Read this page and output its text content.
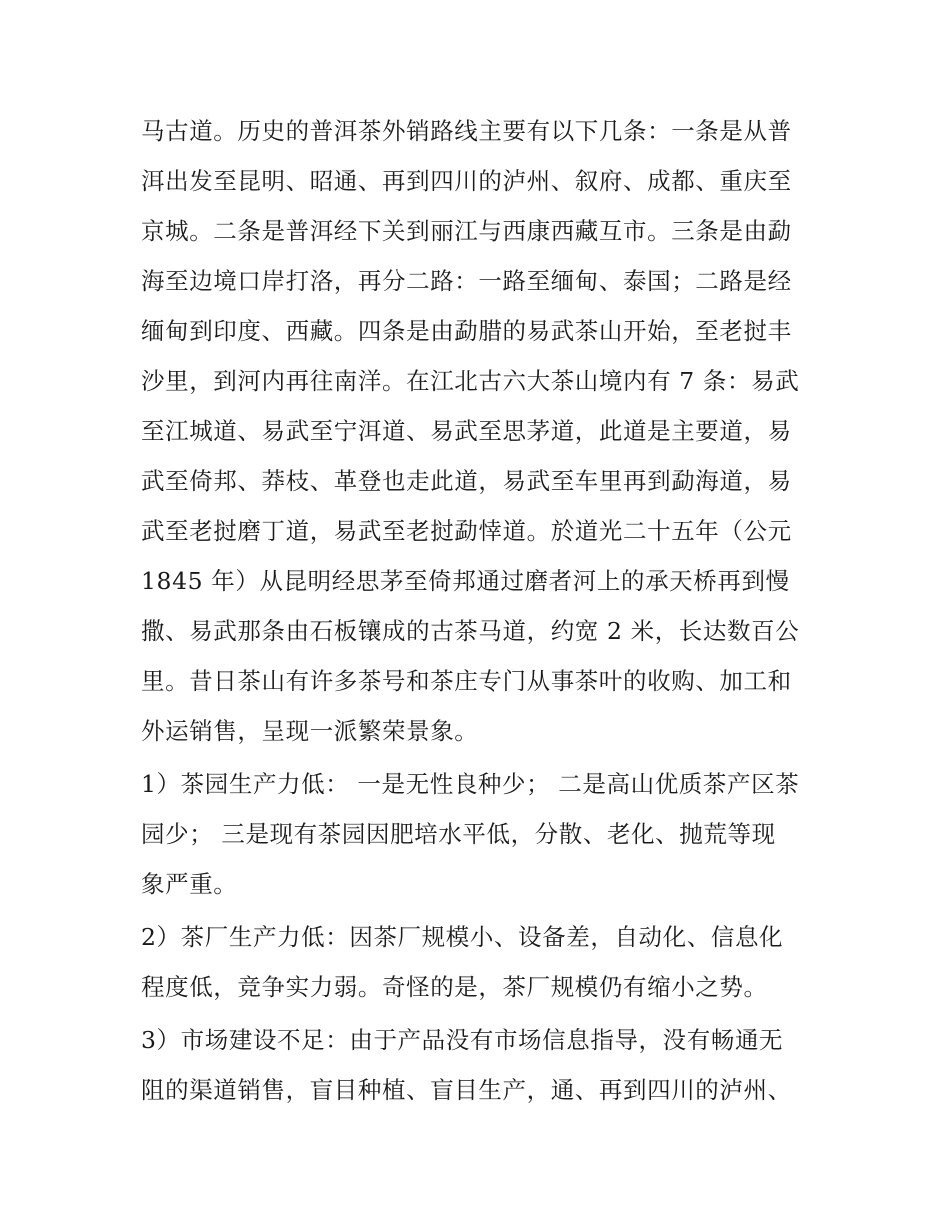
马古道。历史的普洱茶外销路线主要有以下几条：一条是从普
洱出发至昆明、昭通、再到四川的泸州、叙府、成都、重庆至
京城。二条是普洱经下关到丽江与西康西藏互市。三条是由勐
海至边境口岸打洛，再分二路：一路至缅甸、泰国；二路是经
缅甸到印度、西藏。四条是由勐腊的易武茶山开始，至老挝丰
沙里，到河内再往南洋。在江北古六大茶山境内有 7 条：易武
至江城道、易武至宁洱道、易武至思茅道，此道是主要道，易
武至倚邦、莽枝、革登也走此道，易武至车里再到勐海道，易
武至老挝磨丁道，易武至老挝勐悻道。於道光二十五年（公元
1845 年）从昆明经思茅至倚邦通过磨者河上的承天桥再到慢
撒、易武那条由石板镶成的古茶马道，约宽 2 米，长达数百公
里。昔日茶山有许多茶号和茶庄专门从事茶叶的收购、加工和
外运销售，呈现一派繁荣景象。
1）茶园生产力低： 一是无性良种少； 二是高山优质茶产区茶
园少； 三是现有茶园因肥培水平低，分散、老化、抛荒等现
象严重。
2）茶厂生产力低：因茶厂规模小、设备差，自动化、信息化
程度低，竞争实力弱。奇怪的是，茶厂规模仍有缩小之势。
3）市场建设不足：由于产品没有市场信息指导，没有畅通无
阻的渠道销售，盲目种植、盲目生产，通、再到四川的泸州、
